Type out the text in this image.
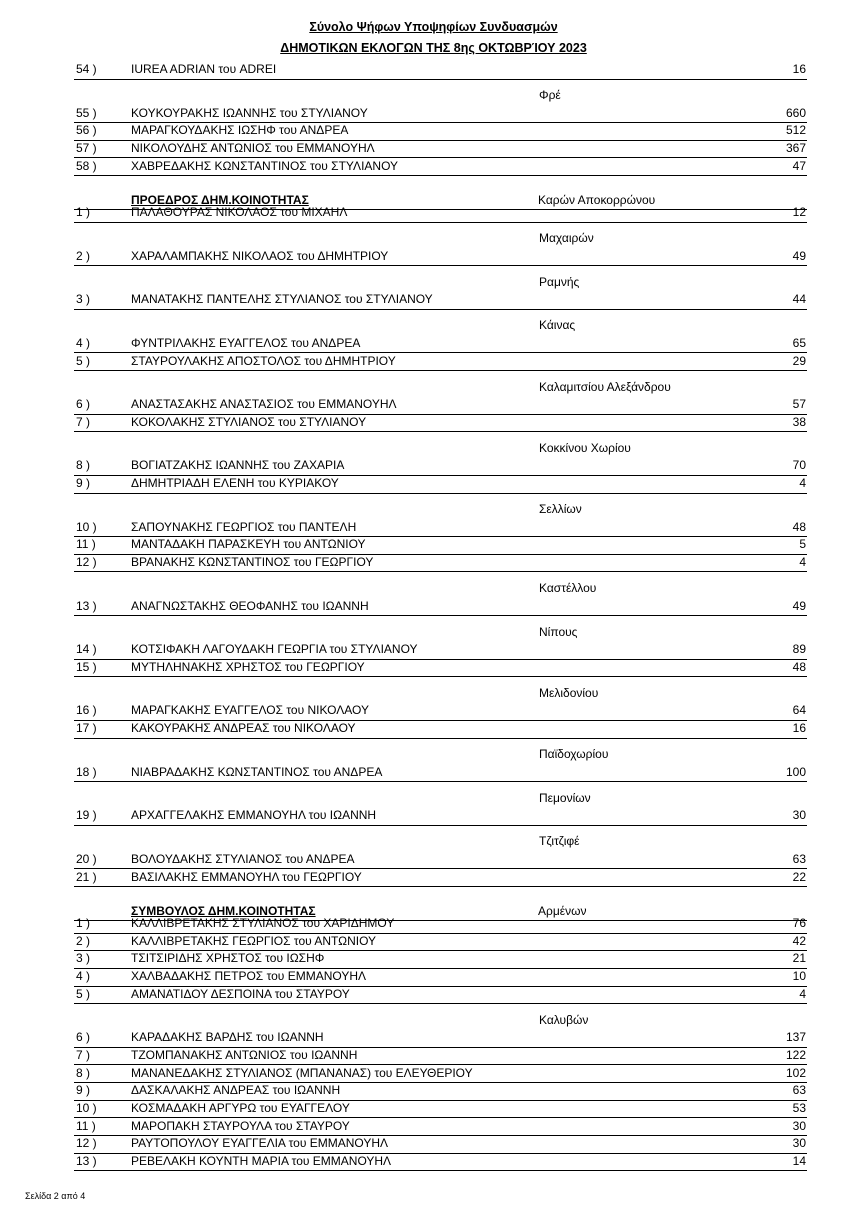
Σύνολο Ψήφων Υποψηφίων Συνδυασμών
ΔΗΜΟΤΙΚΩΝ ΕΚΛΟΓΩΝ ΤΗΣ 8ης ΟΚΤΩΒΡΊΟΥ 2023
54 )	IUREA ADRIAN του ADREI	16
Φρέ
55 )	ΚΟΥΚΟΥΡΑΚΗΣ ΙΩΑΝΝΗΣ του ΣΤΥΛΙΑΝΟΥ	660
56 )	ΜΑΡΑΓΚΟΥΔΑΚΗΣ ΙΩΣΗΦ του ΑΝΔΡΕΑ	512
57 )	ΝΙΚΟΛΟΥΔΗΣ ΑΝΤΩΝΙΟΣ του ΕΜΜΑΝΟΥΗΛ	367
58 )	ΧΑΒΡΕΔΑΚΗΣ ΚΩΝΣΤΑΝΤΙΝΟΣ του ΣΤΥΛΙΑΝΟΥ	47
ΠΡΟΕΔΡΟΣ ΔΗΜ.ΚΟΙΝΟΤΗΤΑΣ	Καρών Αποκορρώνου
1 )	ΠΑΛΑΘΟΥΡΑΣ ΝΙΚΟΛΑΟΣ του ΜΙΧΑΗΛ	12
Μαχαιρών
2 )	ΧΑΡΑΛΑΜΠΑΚΗΣ ΝΙΚΟΛΑΟΣ του ΔΗΜΗΤΡΙΟΥ	49
Ραμνής
3 )	ΜΑΝΑΤΑΚΗΣ ΠΑΝΤΕΛΗΣ ΣΤΥΛΙΑΝΟΣ του ΣΤΥΛΙΑΝΟΥ	44
Κάινας
4 )	ΦΥΝΤΡΙΛΑΚΗΣ ΕΥΑΓΓΕΛΟΣ του ΑΝΔΡΕΑ	65
5 )	ΣΤΑΥΡΟΥΛΑΚΗΣ ΑΠΟΣΤΟΛΟΣ του ΔΗΜΗΤΡΙΟΥ	29
Καλαμιτσίου Αλεξάνδρου
6 )	ΑΝΑΣΤΑΣΑΚΗΣ ΑΝΑΣΤΑΣΙΟΣ του ΕΜΜΑΝΟΥΗΛ	57
7 )	ΚΟΚΟΛΑΚΗΣ ΣΤΥΛΙΑΝΟΣ του ΣΤΥΛΙΑΝΟΥ	38
Κοκκίνου Χωρίου
8 )	ΒΟΓΙΑΤΖΑΚΗΣ ΙΩΑΝΝΗΣ του ΖΑΧΑΡΙΑ	70
9 )	ΔΗΜΗΤΡΙΑΔΗ ΕΛΕΝΗ του ΚΥΡΙΑΚΟΥ	4
Σελλίων
10 )	ΣΑΠΟΥΝΑΚΗΣ ΓΕΩΡΓΙΟΣ του ΠΑΝΤΕΛΗ	48
11 )	ΜΑΝΤΑΔΑΚΗ ΠΑΡΑΣΚΕΥΗ του ΑΝΤΩΝΙΟΥ	5
12 )	ΒΡΑΝΑΚΗΣ ΚΩΝΣΤΑΝΤΙΝΟΣ του ΓΕΩΡΓΙΟΥ	4
Καστέλλου
13 )	ΑΝΑΓΝΩΣΤΑΚΗΣ ΘΕΟΦΑΝΗΣ του ΙΩΑΝΝΗ	49
Νίπους
14 )	ΚΟΤΣΙΦΑΚΗ ΛΑΓΟΥΔΑΚΗ ΓΕΩΡΓΙΑ του ΣΤΥΛΙΑΝΟΥ	89
15 )	ΜΥΤΗΛΗΝΑΚΗΣ ΧΡΗΣΤΟΣ του ΓΕΩΡΓΙΟΥ	48
Μελιδονίου
16 )	ΜΑΡΑΓΚΑΚΗΣ ΕΥΑΓΓΕΛΟΣ του ΝΙΚΟΛΑΟΥ	64
17 )	ΚΑΚΟΥΡΑΚΗΣ ΑΝΔΡΕΑΣ του ΝΙΚΟΛΑΟΥ	16
Παϊδοχωρίου
18 )	ΝΙΑΒΡΑΔΑΚΗΣ ΚΩΝΣΤΑΝΤΙΝΟΣ του ΑΝΔΡΕΑ	100
Πεμονίων
19 )	ΑΡΧΑΓΓΕΛΑΚΗΣ ΕΜΜΑΝΟΥΗΛ του ΙΩΑΝΝΗ	30
Τζιτζιφέ
20 )	ΒΟΛΟΥΔΑΚΗΣ ΣΤΥΛΙΑΝΟΣ του ΑΝΔΡΕΑ	63
21 )	ΒΑΣΙΛΑΚΗΣ ΕΜΜΑΝΟΥΗΛ του ΓΕΩΡΓΙΟΥ	22
ΣΥΜΒΟΥΛΟΣ ΔΗΜ.ΚΟΙΝΟΤΗΤΑΣ	Αρμένων
1 )	ΚΑΛΛΙΒΡΕΤΑΚΗΣ ΣΤΥΛΙΑΝΟΣ του ΧΑΡΙΔΗΜΟΥ	76
2 )	ΚΑΛΛΙΒΡΕΤΑΚΗΣ ΓΕΩΡΓΙΟΣ του ΑΝΤΩΝΙΟΥ	42
3 )	ΤΣΙΤΣΙΡΙΔΗΣ ΧΡΗΣΤΟΣ του ΙΩΣΗΦ	21
4 )	ΧΑΛΒΑΔΑΚΗΣ ΠΕΤΡΟΣ του ΕΜΜΑΝΟΥΗΛ	10
5 )	ΑΜΑΝΑΤΙΔΟΥ ΔΕΣΠΟΙΝΑ του ΣΤΑΥΡΟΥ	4
Καλυβών
6 )	ΚΑΡΑΔΑΚΗΣ ΒΑΡΔΗΣ του ΙΩΑΝΝΗ	137
7 )	ΤΖΟΜΠΑΝΑΚΗΣ ΑΝΤΩΝΙΟΣ του ΙΩΑΝΝΗ	122
8 )	ΜΑΝΑΝΕΔΑΚΗΣ ΣΤΥΛΙΑΝΟΣ (ΜΠΑΝΑΝΑΣ) του ΕΛΕΥΘΕΡΙΟΥ	102
9 )	ΔΑΣΚΑΛΑΚΗΣ ΑΝΔΡΕΑΣ του ΙΩΑΝΝΗ	63
10 )	ΚΟΣΜΑΔΑΚΗ ΑΡΓΥΡΩ του ΕΥΑΓΓΕΛΟΥ	53
11 )	ΜΑΡΟΠΑΚΗ ΣΤΑΥΡΟΥΛΑ του ΣΤΑΥΡΟΥ	30
12 )	ΡΑΥΤΟΠΟΥΛΟΥ ΕΥΑΓΓΕΛΙΑ του ΕΜΜΑΝΟΥΗΛ	30
13 )	ΡΕΒΕΛΑΚΗ ΚΟΥΝΤΗ ΜΑΡΙΑ του ΕΜΜΑΝΟΥΗΛ	14
Σελίδα 2 από 4
